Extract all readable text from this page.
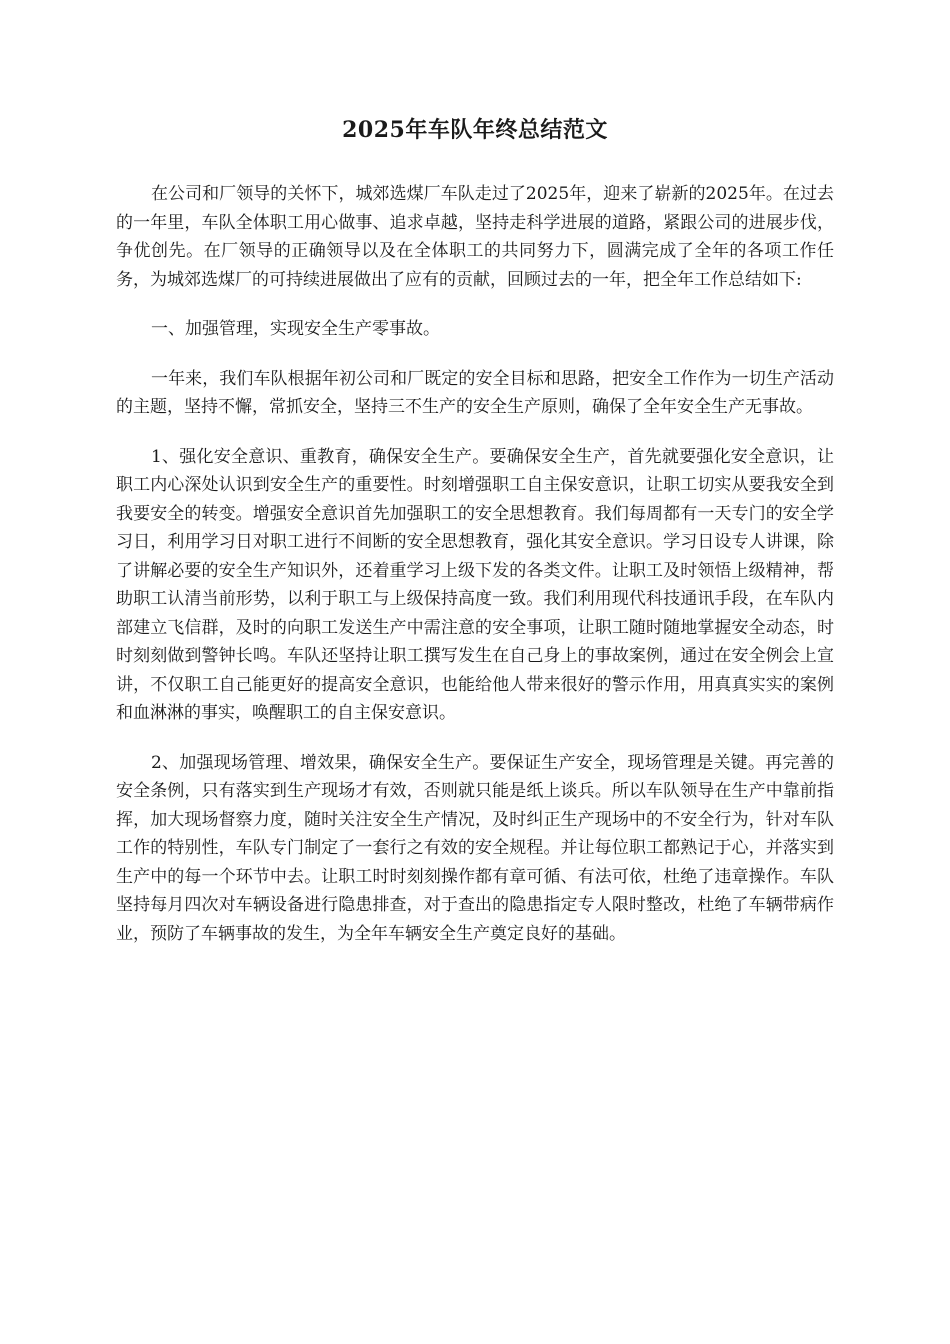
2025年车队年终总结范文

在公司和厂领导的关怀下，城郊选煤厂车队走过了2025年，迎来了崭新的2025年。在过去的一年里，车队全体职工用心做事、追求卓越，坚持走科学进展的道路，紧跟公司的进展步伐，争优创先。在厂领导的正确领导以及在全体职工的共同努力下，圆满完成了全年的各项工作任务，为城郊选煤厂的可持续进展做出了应有的贡献，回顾过去的一年，把全年工作总结如下:

一、加强管理，实现安全生产零事故。

一年来，我们车队根据年初公司和厂既定的安全目标和思路，把安全工作作为一切生产活动的主题，坚持不懈，常抓安全，坚持三不生产的安全生产原则，确保了全年安全生产无事故。

1、强化安全意识、重教育，确保安全生产。要确保安全生产，首先就要强化安全意识，让职工内心深处认识到安全生产的重要性。时刻增强职工自主保安意识，让职工切实从要我安全到我要安全的转变。增强安全意识首先加强职工的安全思想教育。我们每周都有一天专门的安全学习日，利用学习日对职工进行不间断的安全思想教育，强化其安全意识。学习日设专人讲课，除了讲解必要的安全生产知识外，还着重学习上级下发的各类文件。让职工及时领悟上级精神，帮助职工认清当前形势，以利于职工与上级保持高度一致。我们利用现代科技通讯手段，在车队内部建立飞信群，及时的向职工发送生产中需注意的安全事项，让职工随时随地掌握安全动态，时时刻刻做到警钟长鸣。车队还坚持让职工撰写发生在自己身上的事故案例，通过在安全例会上宣讲，不仅职工自己能更好的提高安全意识，也能给他人带来很好的警示作用，用真真实实的案例和血淋淋的事实，唤醒职工的自主保安意识。

2、加强现场管理、增效果，确保安全生产。要保证生产安全，现场管理是关键。再完善的安全条例，只有落实到生产现场才有效，否则就只能是纸上谈兵。所以车队领导在生产中靠前指挥，加大现场督察力度，随时关注安全生产情况，及时纠正生产现场中的不安全行为，针对车队工作的特别性，车队专门制定了一套行之有效的安全规程。并让每位职工都熟记于心，并落实到生产中的每一个环节中去。让职工时时刻刻操作都有章可循、有法可依，杜绝了违章操作。车队坚持每月四次对车辆设备进行隐患排查，对于查出的隐患指定专人限时整改，杜绝了车辆带病作业，预防了车辆事故的发生，为全年车辆安全生产奠定良好的基础。
